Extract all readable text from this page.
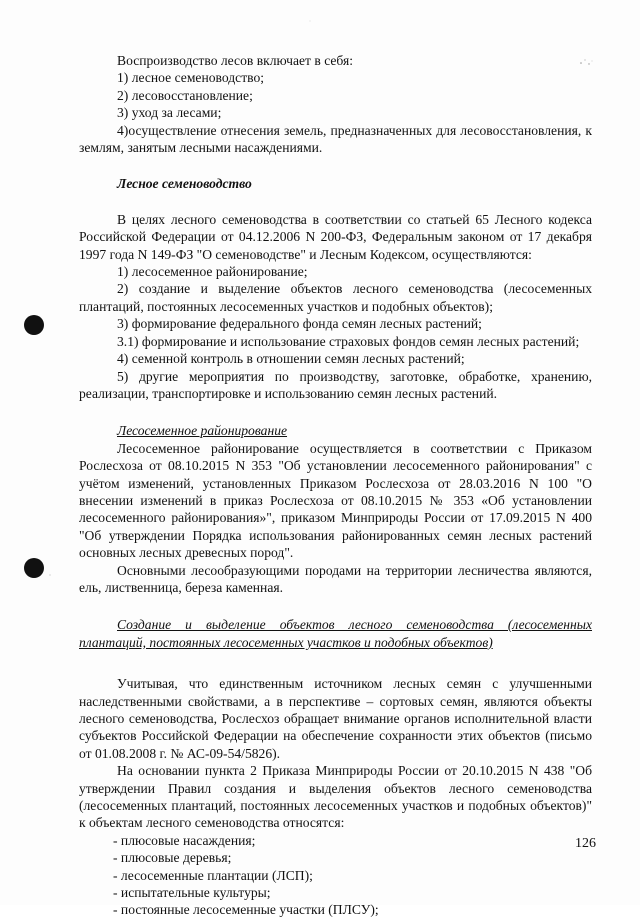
Воспроизводство лесов включает в себя:

1) лесное семеноводство;

2) лесовосстановление;

3) уход за лесами;

4)осуществление отнесения земель, предназначенных для лесовосстановления, к землям, занятым лесными насаждениями.

Лесное семеноводство

В целях лесного семеноводства в соответствии со статьей 65 Лесного кодекса Российской Федерации от 04.12.2006 N 200-ФЗ, Федеральным законом от 17 декабря 1997 года N 149-ФЗ "О семеноводстве" и Лесным Кодексом, осуществляются:

1) лесосеменное районирование;

2) создание и выделение объектов лесного семеноводства (лесосеменных плантаций, постоянных лесосеменных участков и подобных объектов);

3) формирование федерального фонда семян лесных растений;

3.1) формирование и использование страховых фондов семян лесных растений;

4) семенной контроль в отношении семян лесных растений;

5) другие мероприятия по производству, заготовке, обработке, хранению, реализации, транспортировке и использованию семян лесных растений.

Лесосеменное районирование

Лесосеменное районирование осуществляется в соответствии с Приказом Рослесхоза от 08.10.2015 N 353 "Об установлении лесосеменного районирования" с учётом изменений, установленных Приказом Рослесхоза от 28.03.2016 N 100 "О внесении изменений в приказ Рослесхоза от 08.10.2015 № 353 «Об установлении лесосеменного районирования»", приказом Минприроды России от 17.09.2015 N 400 "Об утверждении Порядка использования районированных семян лесных растений основных лесных древесных пород".

Основными лесообразующими породами на территории лесничества являются, ель, лиственница, береза каменная.

Создание и выделение объектов лесного семеноводства (лесосеменных плантаций, постоянных лесосеменных участков и подобных объектов)

Учитывая, что единственным источником лесных семян с улучшенными наследственными свойствами, а в перспективе – сортовых семян, являются объекты лесного семеноводства, Рослесхоз обращает внимание органов исполнительной власти субъектов Российской Федерации на обеспечение сохранности этих объектов (письмо от 01.08.2008 г. № АС-09-54/5826).

На основании пункта 2 Приказа Минприроды России от 20.10.2015 N 438 "Об утверждении Правил создания и выделения объектов лесного семеноводства (лесосеменных плантаций, постоянных лесосеменных участков и подобных объектов)" к объектам лесного семеноводства относятся:

- плюсовые насаждения;

- плюсовые деревья;

- лесосеменные плантации (ЛСП);

- испытательные культуры;

- постоянные лесосеменные участки (ПЛСУ);

126
